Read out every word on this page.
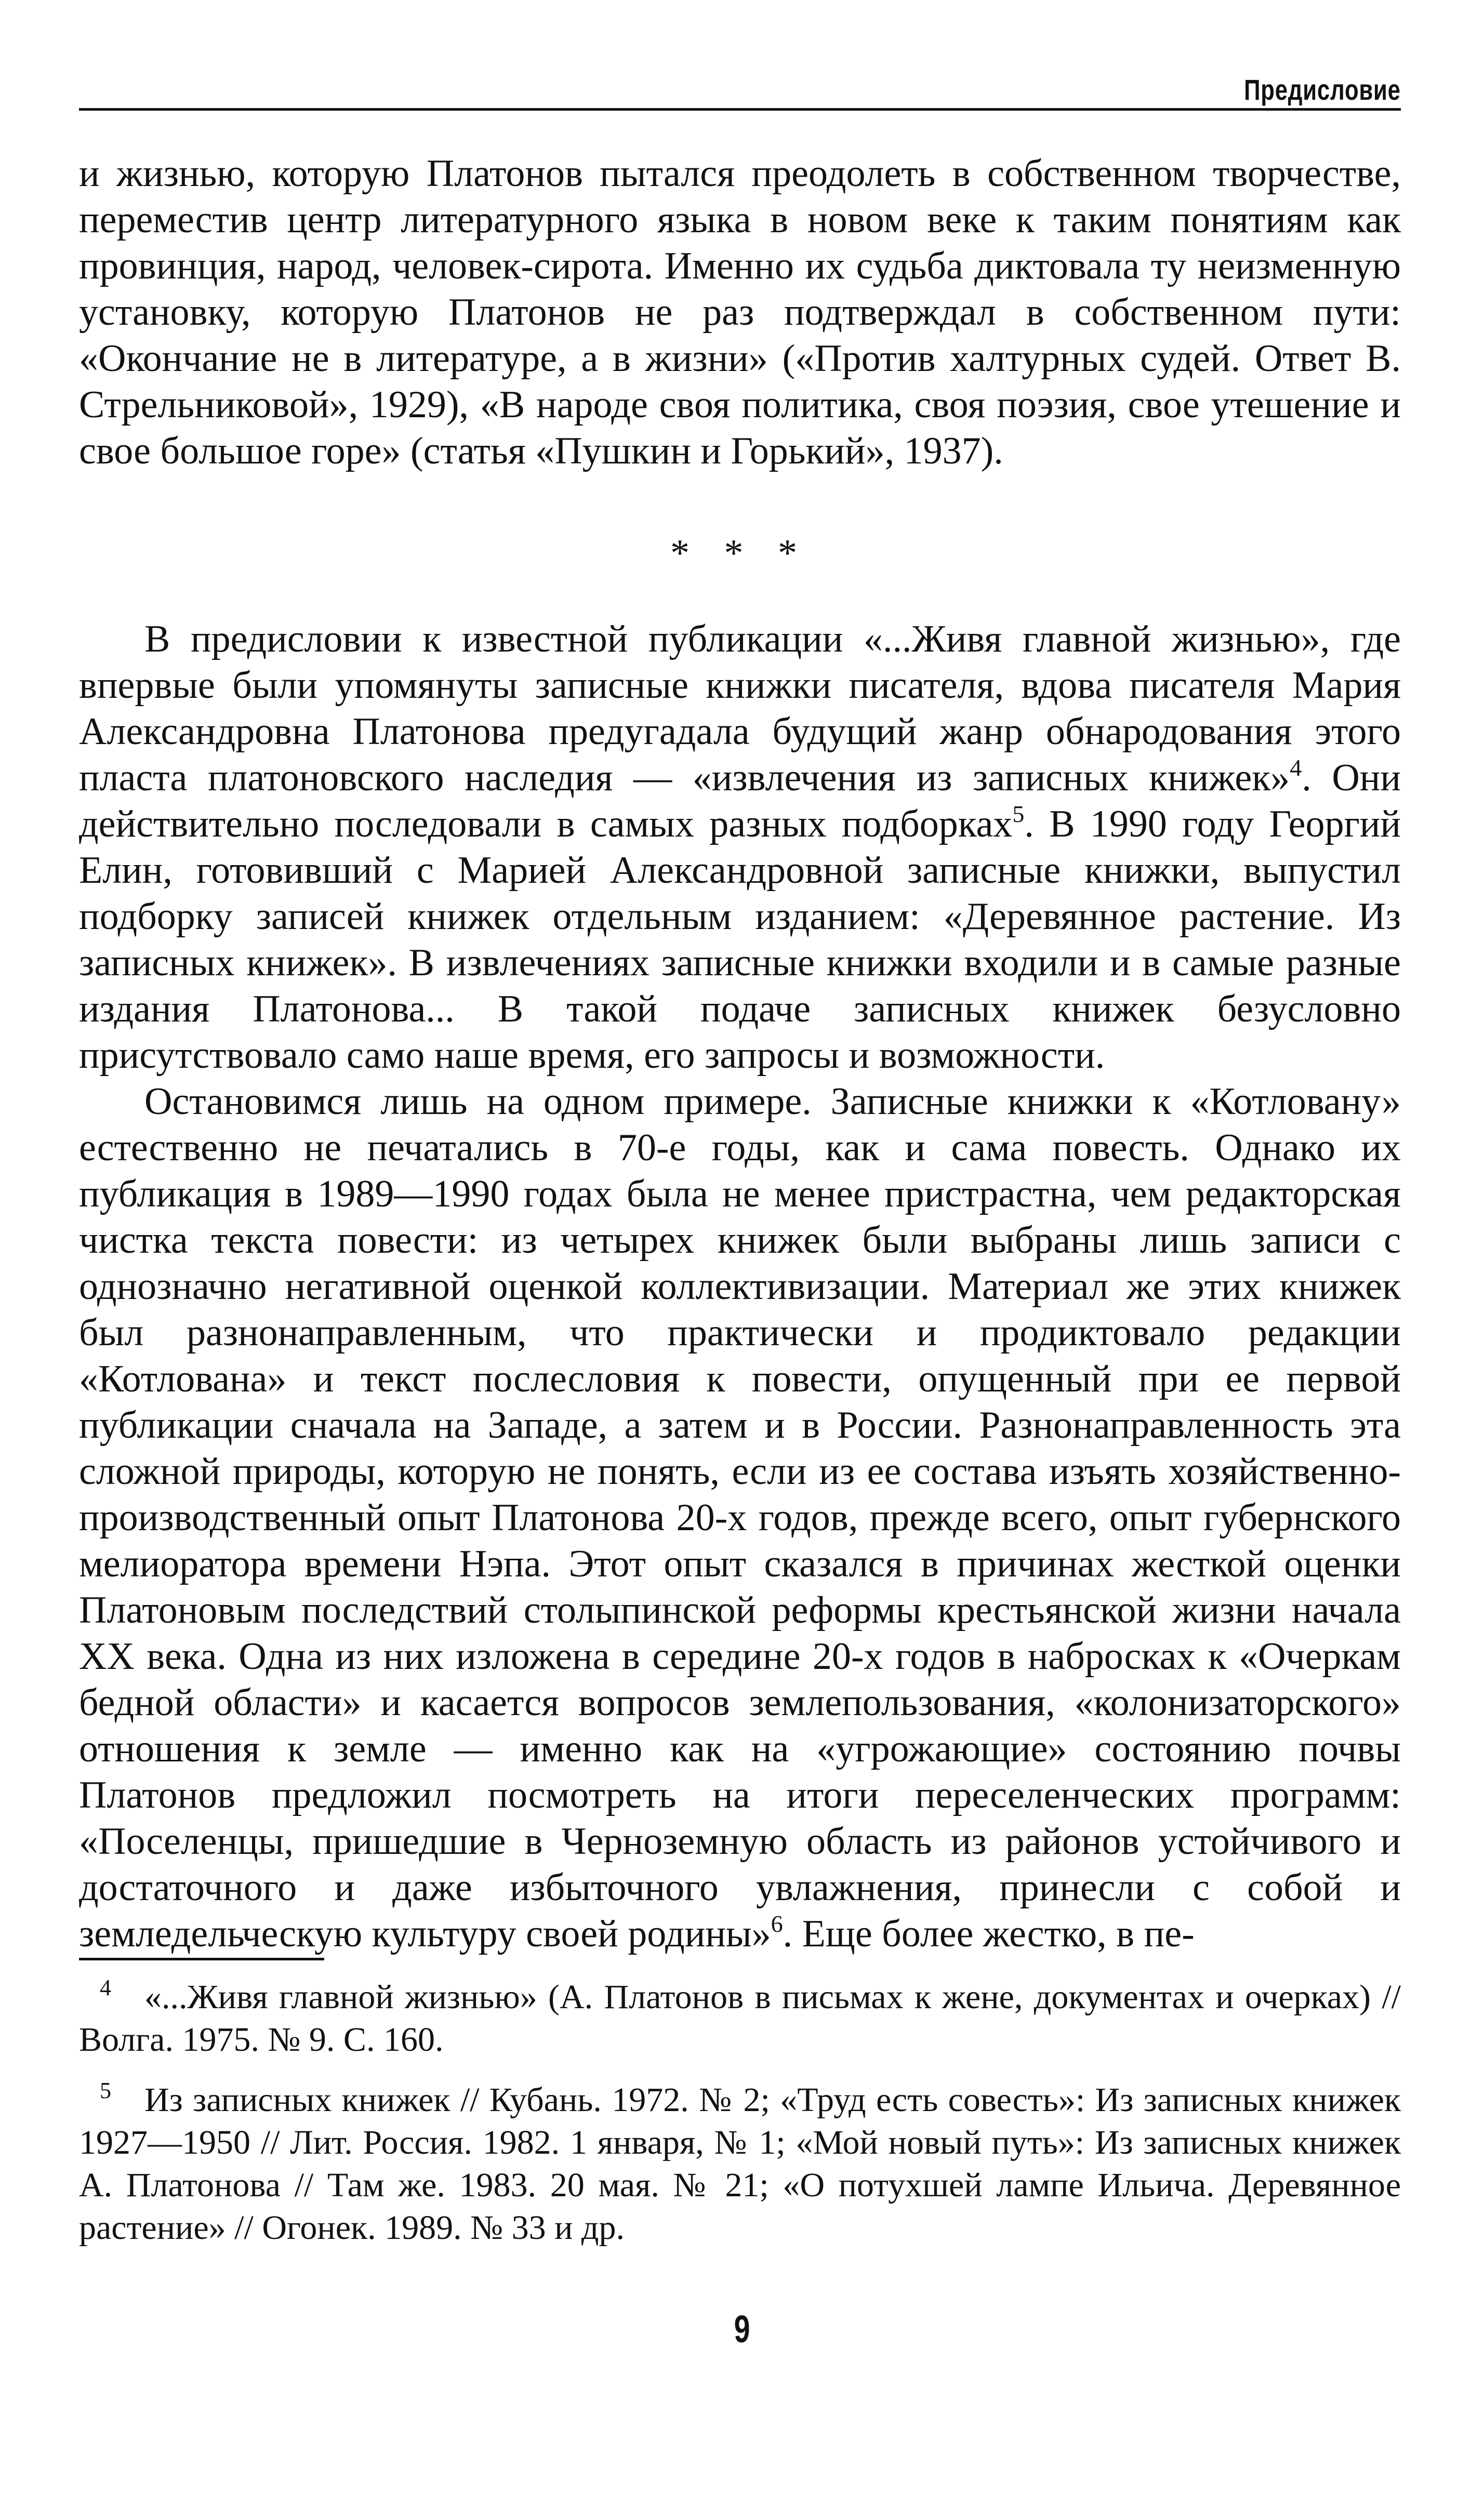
Предисловие

и жизнью, которую Платонов пытался преодолеть в собственном творчестве, переместив центр литературного языка в новом веке к таким понятиям как провинция, народ, человек-сирота. Именно их судьба диктовала ту неизменную установку, которую Платонов не раз подтверждал в собственном пути: «Окончание не в литературе, а в жизни» («Против халтурных судей. Ответ В. Стрельниковой», 1929), «В народе своя политика, своя поэзия, свое утешение и свое большое горе» (статья «Пушкин и Горький», 1937).

* * *

В предисловии к известной публикации «...Живя главной жизнью», где впервые были упомянуты записные книжки писателя, вдова писателя Мария Александровна Платонова предугадала будущий жанр обнародования этого пласта платоновского наследия — «извлечения из записных книжек»$^4$. Они действительно последовали в самых разных подборках$^5$. В 1990 году Георгий Елин, готовивший с Марией Александровной записные книжки, выпустил подборку записей книжек отдельным изданием: «Деревянное растение. Из записных книжек». В извлечениях записные книжки входили и в самые разные издания Платонова... В такой подаче записных книжек безусловно присутствовало само наше время, его запросы и возможности.

Остановимся лишь на одном примере. Записные книжки к «Котловану» естественно не печатались в 70-е годы, как и сама повесть. Однако их публикация в 1989—1990 годах была не менее пристрастна, чем редакторская чистка текста повести: из четырех книжек были выбраны лишь записи с однозначно негативной оценкой коллективизации. Материал же этих книжек был разнонаправленным, что практически и продиктовало редакции «Котлована» и текст послесловия к повести, опущенный при ее первой публикации сначала на Западе, а затем и в России. Разнонаправленность эта сложной природы, которую не понять, если из ее состава изъять хозяйственно-производственный опыт Платонова 20-х годов, прежде всего, опыт губернского мелиоратора времени Нэпа. Этот опыт сказался в причинах жесткой оценки Платоновым последствий столыпинской реформы крестьянской жизни начала XX века. Одна из них изложена в середине 20-х годов в набросках к «Очеркам бедной области» и касается вопросов землепользования, «колонизаторского» отношения к земле — именно как на «угрожающие» состоянию почвы Платонов предложил посмотреть на итоги переселенческих программ: «Поселенцы, пришедшие в Черноземную область из районов устойчивого и достаточного и даже избыточного увлажнения, принесли с собой и земледельческую культуру своей родины»$^6$. Еще более жестко, в пе-

4 «...Живя главной жизнью» (А. Платонов в письмах к жене, документах и очерках) // Волга. 1975. № 9. С. 160.

5 Из записных книжек // Кубань. 1972. № 2; «Труд есть совесть»: Из записных книжек 1927—1950 // Лит. Россия. 1982. 1 января, № 1; «Мой новый путь»: Из записных книжек А. Платонова // Там же. 1983. 20 мая. № 21; «О потухшей лампе Ильича. Деревянное растение» // Огонек. 1989. № 33 и др.

9
